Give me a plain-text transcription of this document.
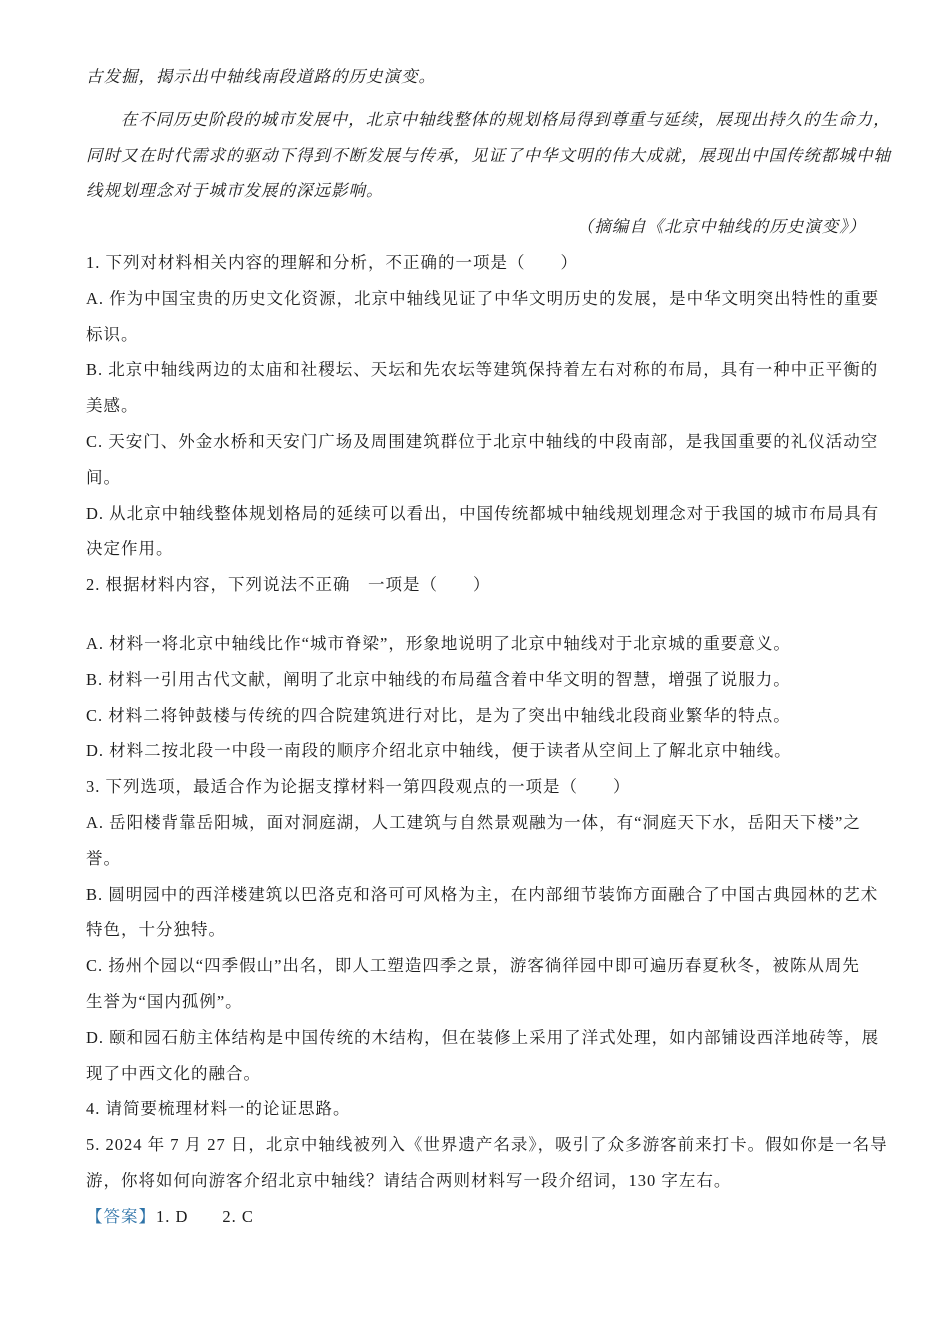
古发掘，揭示出中轴线南段道路的历史演变。
在不同历史阶段的城市发展中，北京中轴线整体的规划格局得到尊重与延续，展现出持久的生命力，
同时又在时代需求的驱动下得到不断发展与传承，见证了中华文明的伟大成就，展现出中国传统都城中轴
线规划理念对于城市发展的深远影响。
（摘编自《北京中轴线的历史演变》）
1. 下列对材料相关内容的理解和分析，不正确的一项是（　　）
A. 作为中国宝贵的历史文化资源，北京中轴线见证了中华文明历史的发展，是中华文明突出特性的重要
标识。
B. 北京中轴线两边的太庙和社稷坛、天坛和先农坛等建筑保持着左右对称的布局，具有一种中正平衡的
美感。
C. 天安门、外金水桥和天安门广场及周围建筑群位于北京中轴线的中段南部，是我国重要的礼仪活动空
间。
D. 从北京中轴线整体规划格局的延续可以看出，中国传统都城中轴线规划理念对于我国的城市布局具有
决定作用。
2. 根据材料内容，下列说法不正确　一项是（　　）
A. 材料一将北京中轴线比作“城市脊梁”，形象地说明了北京中轴线对于北京城的重要意义。
B. 材料一引用古代文献，阐明了北京中轴线的布局蕴含着中华文明的智慧，增强了说服力。
C. 材料二将钟鼓楼与传统的四合院建筑进行对比，是为了突出中轴线北段商业繁华的特点。
D. 材料二按北段一中段一南段的顺序介绍北京中轴线，便于读者从空间上了解北京中轴线。
3. 下列选项，最适合作为论据支撑材料一第四段观点的一项是（　　）
A. 岳阳楼背靠岳阳城，面对洞庭湖，人工建筑与自然景观融为一体，有“洞庭天下水，岳阳天下楼”之
誉。
B. 圆明园中的西洋楼建筑以巴洛克和洛可可风格为主，在内部细节装饰方面融合了中国古典园林的艺术
特色，十分独特。
C. 扬州个园以“四季假山”出名，即人工塑造四季之景，游客徜徉园中即可遍历春夏秋冬，被陈从周先
生誉为“国内孤例”。
D. 颐和园石舫主体结构是中国传统的木结构，但在装修上采用了洋式处理，如内部铺设西洋地砖等，展
现了中西文化的融合。
4. 请简要梳理材料一的论证思路。
5. 2024 年 7 月 27 日，北京中轴线被列入《世界遗产名录》，吸引了众多游客前来打卡。假如你是一名导
游，你将如何向游客介绍北京中轴线？请结合两则材料写一段介绍词，130 字左右。
【答案】1. D 2. C
